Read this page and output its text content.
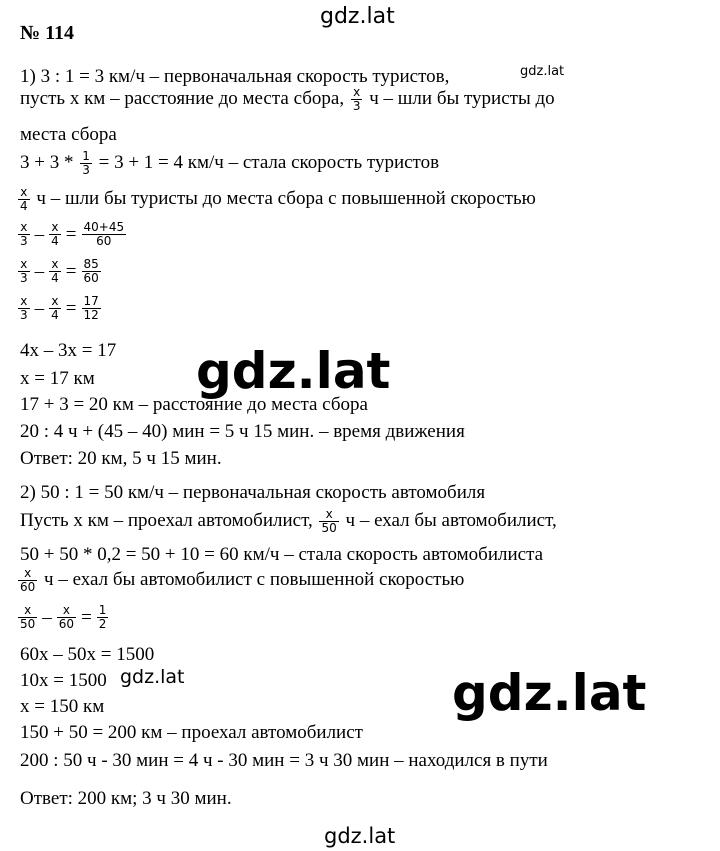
gdz.lat
gdz.lat
gdz.lat
gdz.lat	gdz.lat
gdz.lat
№ 114
1) 3 : 1 = 3 км/ч – первоначальная скорость туристов,
пусть x км – расстояние до места сбора, $\frac{x}{3}$ ч – шли бы туристы до
места сбора
$3 + 3 * \frac{1}{3} = 3 + 1 = 4$ км/ч – стала скорость туристов
$\frac{x}{4}$ ч – шли бы туристы до места сбора с повышенной скоростью
$\frac{x}{3} - \frac{x}{4} = \frac{40+45}{60}$
$\frac{x}{3} - \frac{x}{4} = \frac{85}{60}$
$\frac{x}{3} - \frac{x}{4} = \frac{17}{12}$
4x – 3x = 17
x = 17 км
17 + 3 = 20 км – расстояние до места сбора
20 : 4 ч + (45 – 40) мин = 5 ч 15 мин. – время движения
Ответ: 20 км, 5 ч 15 мин.
2) 50 : 1 = 50 км/ч – первоначальная скорость автомобиля
Пусть x км – проехал автомобилист, $\frac{x}{50}$ ч – ехал бы автомобилист,
50 + 50 * 0,2 = 50 + 10 = 60 км/ч – стала скорость автомобилиста
$\frac{x}{60}$ ч – ехал бы автомобилист с повышенной скоростью
$\frac{x}{50} - \frac{x}{60} = \frac{1}{2}$
60x – 50x = 1500
10x = 1500
x = 150 км
150 + 50 = 200 км – проехал автомобилист
200 : 50 ч - 30 мин = 4 ч - 30 мин = 3 ч 30 мин – находился в пути
Ответ: 200 км; 3 ч 30 мин.
